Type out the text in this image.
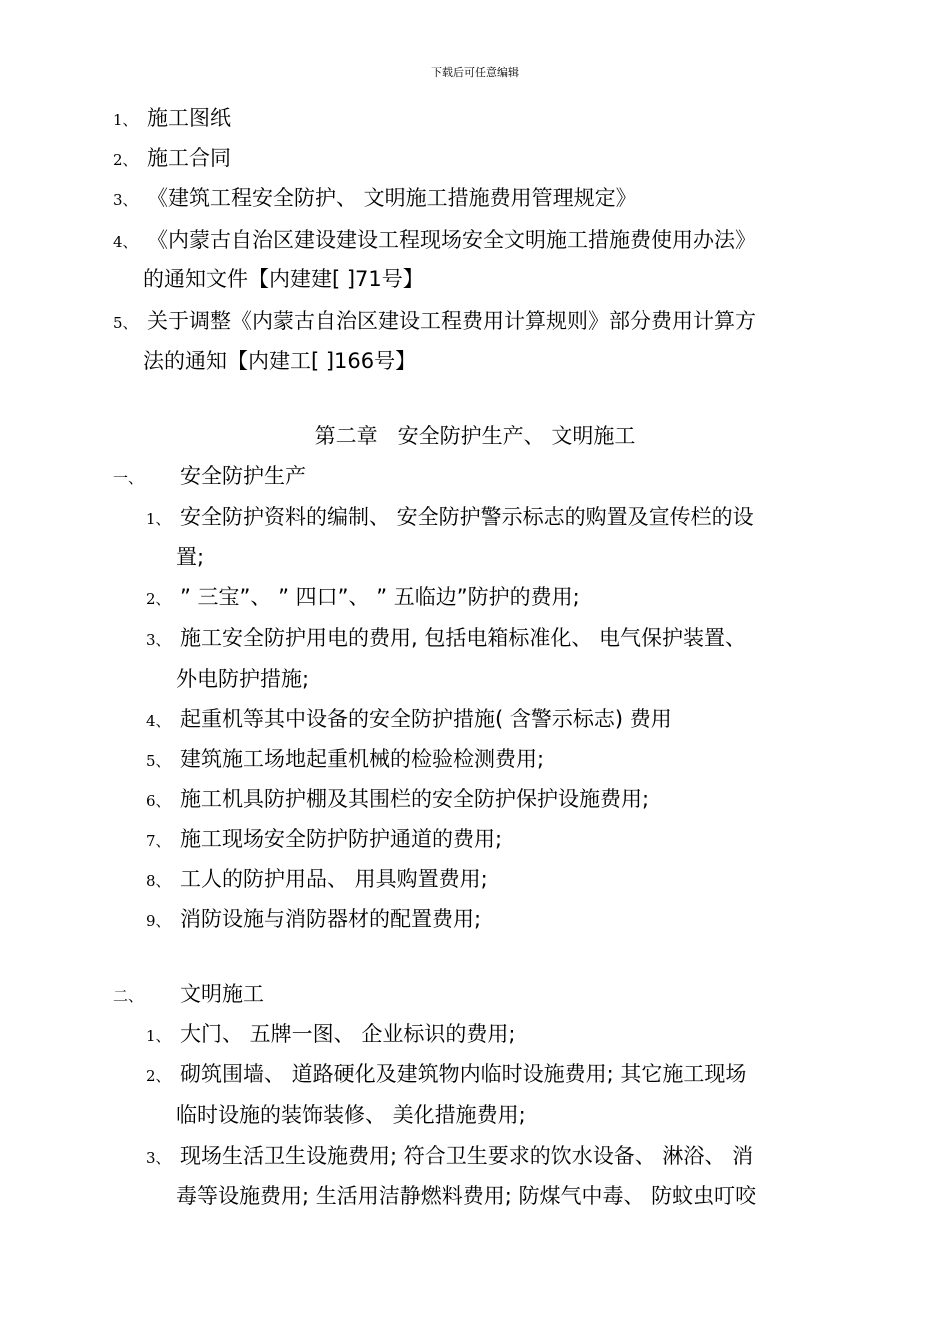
下载后可任意编辑
1、 施工图纸
2、 施工合同
3、 《建筑工程安全防护、 文明施工措施费用管理规定》
4、 《内蒙古自治区建设建设工程现场安全文明施工措施费使用办法》
的通知文件【内建建[ ]71号】
5、 关于调整《内蒙古自治区建设工程费用计算规则》部分费用计算方
法的通知【内建工[ ]166号】
第二章   安全防护生产、 文明施工
一、 安全防护生产
1、 安全防护资料的编制、 安全防护警示标志的购置及宣传栏的设
置;
2、 ” 三宝”、 ” 四口”、 ” 五临边”防护的费用;
3、 施工安全防护用电的费用, 包括电箱标准化、 电气保护装置、
外电防护措施;
4、 起重机等其中设备的安全防护措施( 含警示标志) 费用
5、 建筑施工场地起重机械的检验检测费用;
6、 施工机具防护棚及其围栏的安全防护保护设施费用;
7、 施工现场安全防护防护通道的费用;
8、 工人的防护用品、 用具购置费用;
9、 消防设施与消防器材的配置费用;
二、 文明施工
1、 大门、 五牌一图、 企业标识的费用;
2、 砌筑围墙、 道路硬化及建筑物内临时设施费用; 其它施工现场
临时设施的装饰装修、 美化措施费用;
3、 现场生活卫生设施费用; 符合卫生要求的饮水设备、 淋浴、 消
毒等设施费用; 生活用洁静燃料费用; 防煤气中毒、 防蚊虫叮咬
